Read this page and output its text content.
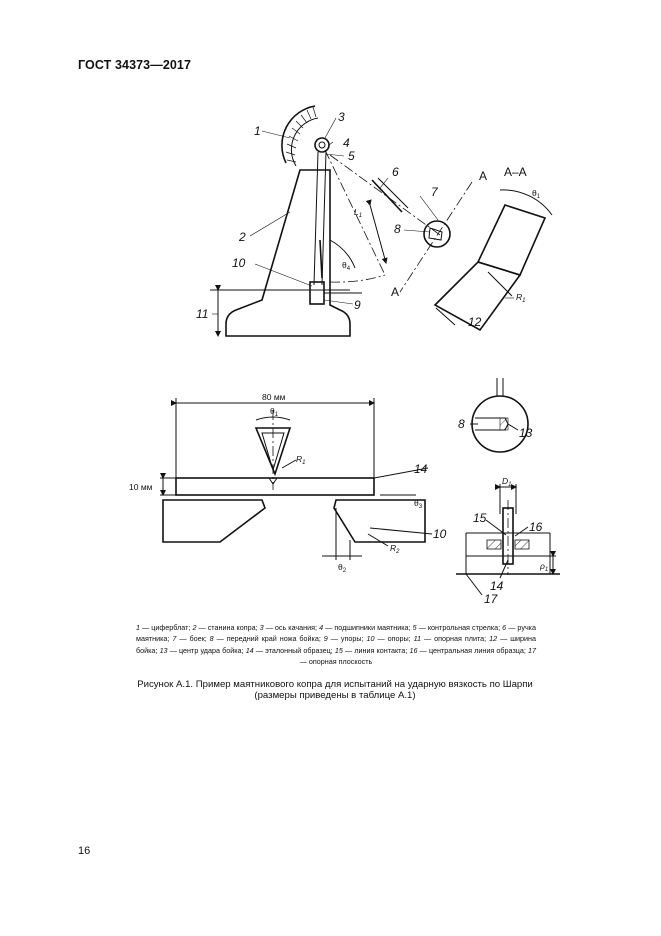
ГОСТ 34373—2017
1
2
3
4
5
6
7
8
9
10
11
12
A
A
A–A
$\theta_4$
$\theta_1$
$L_1$
$R_1$
80 мм
$\theta_1$
$R_1$
10 мм
14
$\theta_3$
10
$R_2$
$\theta_2$
8
13
$D_1$
$\rho_1$
15
16
14
17
1 — циферблат; 2 — станина копра; 3 — ось качания; 4 — подшипники маятника; 5 — контрольная стрелка; 6 — ручка маятника; 7 — боек; 8 — передний край ножа бойка; 9 — упоры; 10 — опоры; 11 — опорная плита; 12 — ширина бойка; 13 — центр удара бойка; 14 — эталонный образец; 15 — линия контакта; 16 — центральная линия образца; 17 — опорная плоскость
Рисунок А.1. Пример маятникового копра для испытаний на ударную вязкость по Шарпи
(размеры приведены в таблице А.1)
16
